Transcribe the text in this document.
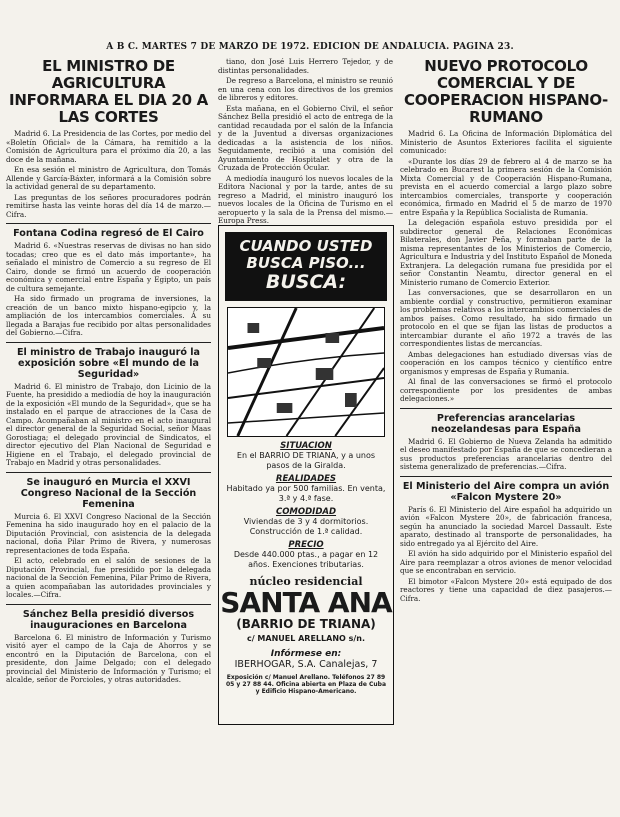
A B C. MARTES 7 DE MARZO DE 1972. EDICION DE ANDALUCIA. PAGINA 23.
EL MINISTRO DE AGRICULTURA INFORMARA EL DIA 20 A LAS CORTES

Madrid 6. La Presidencia de las Cortes, por medio del «Boletín Oficial» de la Cámara, ha remitido a la Comisión de Agricultura para el próximo día 20, a las doce de la mañana.

En esa sesión el ministro de Agricultura, don Tomás Allende y García-Báxter, informará a la Comisión sobre la actividad general de su departamento.

Las preguntas de los señores procuradores podrán remitirse hasta las veinte horas del día 14 de marzo.—Cifra.

Fontana Codina regresó de El Cairo

Madrid 6. «Nuestras reservas de divisas no han sido tocadas; creo que es el dato más importante», ha señalado el ministro de Comercio a su regreso de El Cairo, donde se firmó un acuerdo de cooperación económica y comercial entre España y Egipto, un país de cultura semejante.

Ha sido firmado un programa de inversiones, la creación de un banco mixto hispano-egipcio y, la ampliación de los intercambios comerciales. A su llegada a Barajas fue recibido por altas personalidades del Gobierno.—Cifra.

El ministro de Trabajo inauguró la exposición sobre «El mundo de la Seguridad»

Madrid 6. El ministro de Trabajo, don Licinio de la Fuente, ha presidido a mediodía de hoy la inauguración de la exposición «El mundo de la Seguridad», que se ha instalado en el parque de atracciones de la Casa de Campo. Acompañaban al ministro en el acto inaugural el director general de la Seguridad Social, señor Maas Gorostiaga; el delegado provincial de Sindicatos, el director ejecutivo del Plan Nacional de Seguridad e Higiene en el Trabajo, el delegado provincial de Trabajo en Madrid y otras personalidades.

Se inauguró en Murcia el XXVI Congreso Nacional de la Sección Femenina

Murcia 6. El XXVI Congreso Nacional de la Sección Femenina ha sido inaugurado hoy en el palacio de la Diputación Provincial, con asistencia de la delegada nacional, doña Pilar Primo de Rivera, y numerosas representaciones de toda España.

El acto, celebrado en el salón de sesiones de la Diputación Provincial, fue presidido por la delegada nacional de la Sección Femenina, Pilar Primo de Rivera, a quien acompañaban las autoridades provinciales y locales.—Cifra.

Sánchez Bella presidió diversos inauguraciones en Barcelona

Barcelona 6. El ministro de Información y Turismo visitó ayer el campo de la Caja de Ahorros y se encontró en la Diputación de Barcelona, con el presidente, don Jaime Delgado; con el delegado provincial del Ministerio de Información y Turismo; el alcalde, señor de Porcioles, y otras autoridades.

tiano, don José Luis Herrero Tejedor, y de distintas personalidades.

De regreso a Barcelona, el ministro se reunió en una cena con los directivos de los gremios de libreros y editores.

Esta mañana, en el Gobierno Civil, el señor Sánchez Bella presidió el acto de entrega de la cantidad recaudada por el salón de la Infancia y de la Juventud a diversas organizaciones dedicadas a la asistencia de los niños. Seguidamente, recibió a una comisión del Ayuntamiento de Hospitalet y otra de la Cruzada de Protección Ocular.

A mediodía inauguró los nuevos locales de la Editora Nacional y por la tarde, antes de su regreso a Madrid, el ministro inauguró los nuevos locales de la Oficina de Turismo en el aeropuerto y la sala de la Prensa del mismo.—Europa Press.

CUANDO USTED
BUSCA PISO...
BUSCA:
SITUACION
En el BARRIO DE TRIANA, y a unos pasos de la Giralda.
REALIDADES
Habitado ya por 500 familias. En venta, 3.ª y 4.ª fase.
COMODIDAD
Viviendas de 3 y 4 dormitorios. Construcción de 1.ª calidad.
PRECIO
Desde 440.000 ptas., a pagar en 12 años. Exenciones tributarias.
núcleo residencial
SANTA ANA
(BARRIO DE TRIANA)
c/ MANUEL ARELLANO s/n.
Infórmese en:
IBERHOGAR, S.A. Canalejas, 7
Exposición c/ Manuel Arellano. Teléfonos 27 89 05 y 27 88 44. Oficina abierta en Plaza de Cuba y Edificio Hispano-Americano.
NUEVO PROTOCOLO COMERCIAL Y DE COOPERACION HISPANO-RUMANO

Madrid 6. La Oficina de Información Diplomática del Ministerio de Asuntos Exteriores facilita el siguiente comunicado:

«Durante los días 29 de febrero al 4 de marzo se ha celebrado en Bucarest la primera sesión de la Comisión Mixta Comercial y de Cooperación Hispano-Rumana, prevista en el acuerdo comercial a largo plazo sobre intercambios comerciales, transporte y cooperación económica, firmado en Madrid el 5 de marzo de 1970 entre España y la República Socialista de Rumania.

La delegación española estuvo presidida por el subdirector general de Relaciones Económicas Bilaterales, don Javier Peña, y formaban parte de la misma representantes de los Ministerios de Comercio, Agricultura e Industria y del Instituto Español de Moneda Extranjera. La delegación rumana fue presidida por el señor Constantin Neamtu, director general en el Ministerio rumano de Comercio Exterior.

Las conversaciones, que se desarrollaron en un ambiente cordial y constructivo, permitieron examinar los problemas relativos a los intercambios comerciales de ambos países. Como resultado, ha sido firmado un protocolo en el que se fijan las listas de productos a intercambiar durante el año 1972 a través de las correspondientes listas de mercancías.

Ambas delegaciones han estudiado diversas vías de cooperación en los campos técnico y científico entre organismos y empresas de España y Rumania.

Al final de las conversaciones se firmó el protocolo correspondiente por los presidentes de ambas delegaciones.»

Preferencias arancelarias neozelandesas para España

Madrid 6. El Gobierno de Nueva Zelanda ha admitido el deseo manifestado por España de que se concedieran a sus productos preferencias arancelarias dentro del sistema generalizado de preferencias.—Cifra.

El Ministerio del Aire compra un avión «Falcon Mystere 20»

París 6. El Ministerio del Aire español ha adquirido un avión «Falcon Mystere 20», de fabricación francesa, según ha anunciado la sociedad Marcel Dassault. Este aparato, destinado al transporte de personalidades, ha sido entregado ya al Ejército del Aire.

El avión ha sido adquirido por el Ministerio español del Aire para reemplazar a otros aviones de menor velocidad que se encontraban en servicio.

El bimotor «Falcon Mystere 20» está equipado de dos reactores y tiene una capacidad de diez pasajeros.—Cifra.
